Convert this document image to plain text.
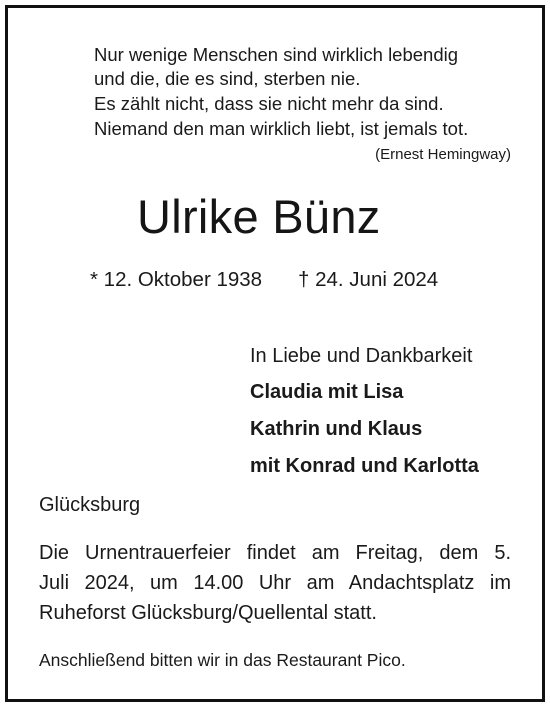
Nur wenige Menschen sind wirklich lebendig
und die, die es sind, sterben nie.
Es zählt nicht, dass sie nicht mehr da sind.
Niemand den man wirklich liebt, ist jemals tot.
(Ernest Hemingway)
Ulrike Bünz
* 12. Oktober 1938 † 24. Juni 2024
In Liebe und Dankbarkeit
Claudia mit Lisa
Kathrin und Klaus
mit Konrad und Karlotta
Glücksburg
Die Urnentrauerfeier findet am Freitag, dem 5.
Juli 2024, um 14.00 Uhr am Andachtsplatz im
Ruheforst Glücksburg/Quellental statt.
Anschließend bitten wir in das Restaurant Pico.
